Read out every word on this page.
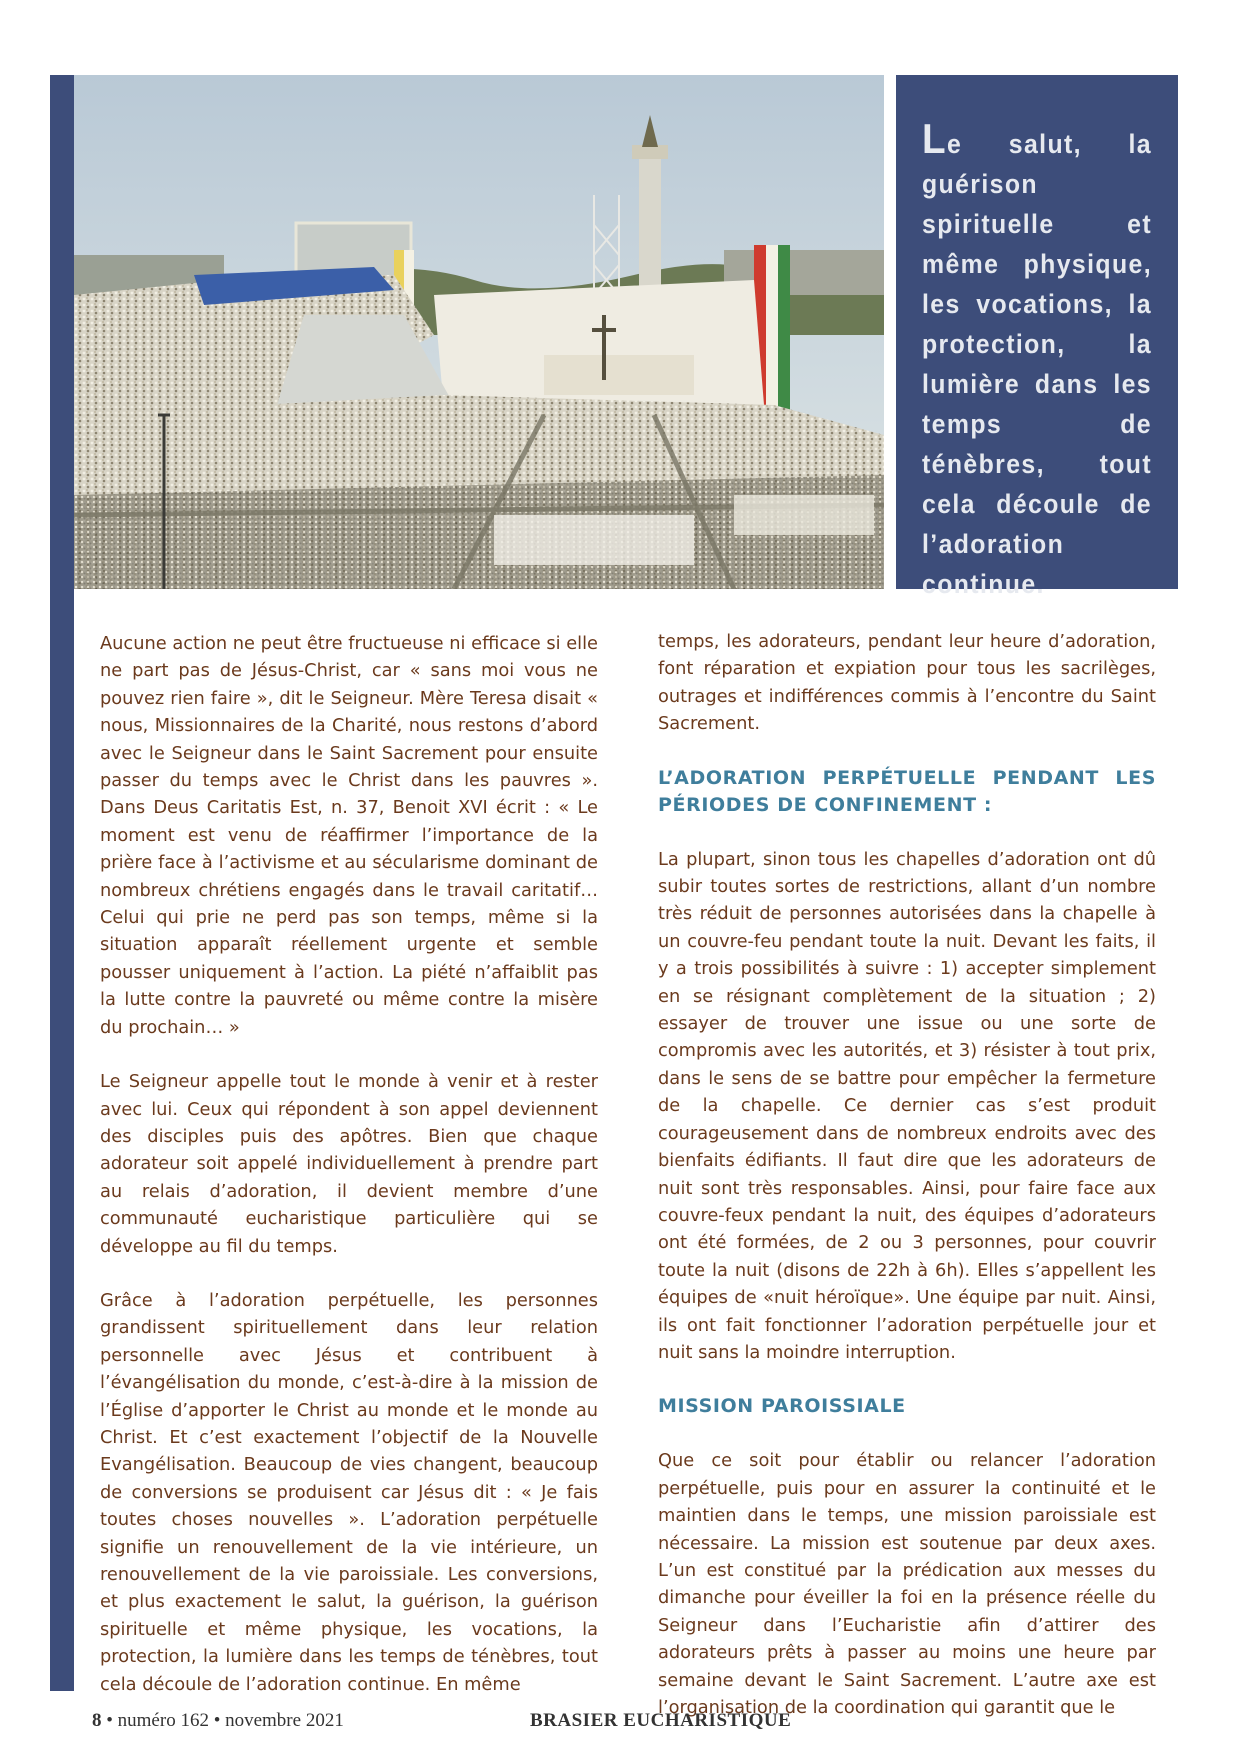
Le salut, la guérison spirituelle et même physique, les vocations, la protection, la lumière dans les temps de ténèbres, tout cela découle de l’adoration continue.

Aucune action ne peut être fructueuse ni efficace si elle ne part pas de Jésus-Christ, car « sans moi vous ne pouvez rien faire », dit le Seigneur. Mère Teresa disait « nous, Missionnaires de la Charité, nous restons d’abord avec le Seigneur dans le Saint Sacrement pour ensuite passer du temps avec le Christ dans les pauvres ». Dans Deus Caritatis Est, n. 37, Benoit XVI écrit : « Le moment est venu de réaffirmer l’importance de la prière face à l’activisme et au sécularisme dominant de nombreux chrétiens engagés dans le travail caritatif… Celui qui prie ne perd pas son temps, même si la situation apparaît réellement urgente et semble pousser uniquement à l’action. La piété n’affaiblit pas la lutte contre la pauvreté ou même contre la misère du prochain… »

Le Seigneur appelle tout le monde à venir et à rester avec lui. Ceux qui répondent à son appel deviennent des disciples puis des apôtres. Bien que chaque adorateur soit appelé individuellement à prendre part au relais d’adoration, il devient membre d’une communauté eucharistique particulière qui se développe au fil du temps.

Grâce à l’adoration perpétuelle, les personnes grandissent spirituellement dans leur relation personnelle avec Jésus et contribuent à l’évangélisation du monde, c’est-à-dire à la mission de l’Église d’apporter le Christ au monde et le monde au Christ. Et c’est exactement l’objectif de la Nouvelle Evangélisation. Beaucoup de vies changent, beaucoup de conversions se produisent car Jésus dit : « Je fais toutes choses nouvelles ». L’adoration perpétuelle signifie un renouvellement de la vie intérieure, un renouvellement de la vie paroissiale. Les conversions, et plus exactement le salut, la guérison, la guérison spirituelle et même physique, les vocations, la protection, la lumière dans les temps de ténèbres, tout cela découle de l’adoration continue. En même

temps, les adorateurs, pendant leur heure d’adoration, font réparation et expiation pour tous les sacrilèges, outrages et indifférences commis à l’encontre du Saint Sacrement.

L’ADORATION PERPÉTUELLE PENDANT LES PÉRIODES DE CONFINEMENT :

La plupart, sinon tous les chapelles d’adoration ont dû subir toutes sortes de restrictions, allant d’un nombre très réduit de personnes autorisées dans la chapelle à un couvre-feu pendant toute la nuit. Devant les faits, il y a trois possibilités à suivre : 1) accepter simplement en se résignant complètement de la situation ; 2) essayer de trouver une issue ou une sorte de compromis avec les autorités, et 3) résister à tout prix, dans le sens de se battre pour empêcher la fermeture de la chapelle. Ce dernier cas s’est produit courageusement dans de nombreux endroits avec des bienfaits édifiants. Il faut dire que les adorateurs de nuit sont très responsables. Ainsi, pour faire face aux couvre-feux pendant la nuit, des équipes d’adorateurs ont été formées, de 2 ou 3 personnes, pour couvrir toute la nuit (disons de 22h à 6h). Elles s’appellent les équipes de «nuit héroïque». Une équipe par nuit. Ainsi, ils ont fait fonctionner l’adoration perpétuelle jour et nuit sans la moindre interruption.

MISSION PAROISSIALE

Que ce soit pour établir ou relancer l’adoration perpétuelle, puis pour en assurer la continuité et le maintien dans le temps, une mission paroissiale est nécessaire. La mission est soutenue par deux axes. L’un est constitué par la prédication aux messes du dimanche pour éveiller la foi en la présence réelle du Seigneur dans l’Eucharistie afin d’attirer des adorateurs prêts à passer au moins une heure par semaine devant le Saint Sacrement. L’autre axe est l’organisation de la coordination qui garantit que le

8 • numéro 162 • novembre 2021	BRASIER EUCHARISTIQUE
